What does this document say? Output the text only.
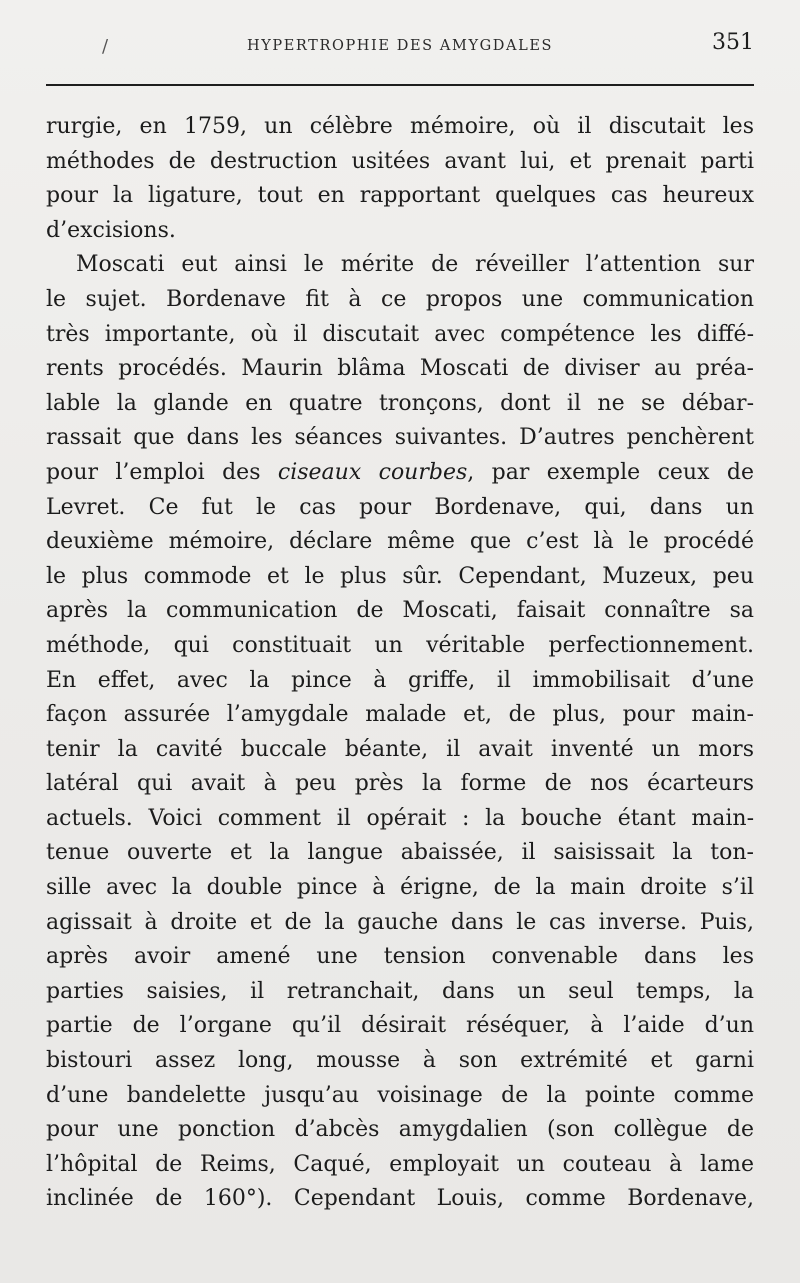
/	HYPERTROPHIE DES AMYGDALES	351
rurgie, en 1759, un célèbre mémoire, où il discutait les
méthodes de destruction usitées avant lui, et prenait parti
pour la ligature, tout en rapportant quelques cas heureux
d’excisions.
Moscati eut ainsi le mérite de réveiller l’attention sur
le sujet. Bordenave fit à ce propos une communication
très importante, où il discutait avec compétence les diffé-
rents procédés. Maurin blâma Moscati de diviser au préa-
lable la glande en quatre tronçons, dont il ne se débar-
rassait que dans les séances suivantes. D’autres penchèrent
pour l’emploi des ciseaux courbes, par exemple ceux de
Levret. Ce fut le cas pour Bordenave, qui, dans un
deuxième mémoire, déclare même que c’est là le procédé
le plus commode et le plus sûr. Cependant, Muzeux, peu
après la communication de Moscati, faisait connaître sa
méthode, qui constituait un véritable perfectionnement.
En effet, avec la pince à griffe, il immobilisait d’une
façon assurée l’amygdale malade et, de plus, pour main-
tenir la cavité buccale béante, il avait inventé un mors
latéral qui avait à peu près la forme de nos écarteurs
actuels. Voici comment il opérait : la bouche étant main-
tenue ouverte et la langue abaissée, il saisissait la ton-
sille avec la double pince à érigne, de la main droite s’il
agissait à droite et de la gauche dans le cas inverse. Puis,
après avoir amené une tension convenable dans les
parties saisies, il retranchait, dans un seul temps, la
partie de l’organe qu’il désirait réséquer, à l’aide d’un
bistouri assez long, mousse à son extrémité et garni
d’une bandelette jusqu’au voisinage de la pointe comme
pour une ponction d’abcès amygdalien (son collègue de
l’hôpital de Reims, Caqué, employait un couteau à lame
inclinée de 160°). Cependant Louis, comme Bordenave,
